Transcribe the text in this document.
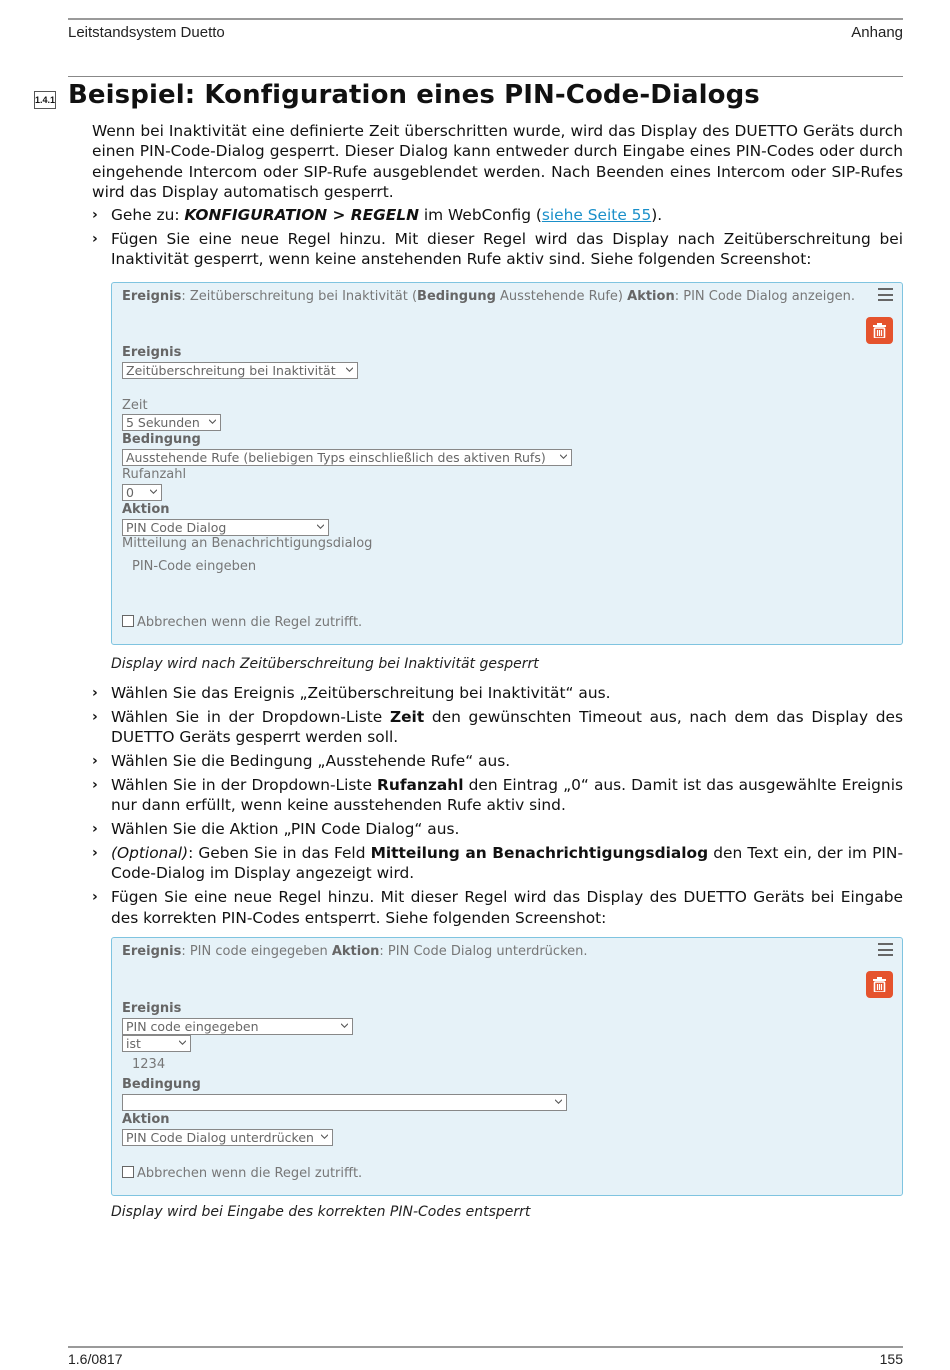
Leitstandsystem Duetto	Anhang
1.4.1 Beispiel: Konfiguration eines PIN-Code-Dialogs
Wenn bei Inaktivität eine definierte Zeit überschritten wurde, wird das Display des DUETTO Geräts durch einen PIN-Code-Dialog gesperrt. Dieser Dialog kann entweder durch Eingabe eines PIN-Codes oder durch eingehende Intercom oder SIP-Rufe ausgeblendet werden. Nach Beenden eines Intercom oder SIP-Rufes wird das Display automatisch gesperrt.
› Gehe zu: KONFIGURATION > REGELN im WebConfig (siehe Seite 55).
› Fügen Sie eine neue Regel hinzu. Mit dieser Regel wird das Display nach Zeitüberschreitung bei Inaktivität gesperrt, wenn keine anstehenden Rufe aktiv sind. Siehe folgenden Screenshot:
Ereignis: Zeitüberschreitung bei Inaktivität (Bedingung Ausstehende Rufe) Aktion: PIN Code Dialog anzeigen.
Ereignis
Zeitüberschreitung bei Inaktivität
Zeit
5 Sekunden
Bedingung
Ausstehende Rufe (beliebigen Typs einschließlich des aktiven Rufs)
Rufanzahl
0
Aktion
PIN Code Dialog
Mitteilung an Benachrichtigungsdialog
PIN-Code eingeben
Abbrechen wenn die Regel zutrifft.
Display wird nach Zeitüberschreitung bei Inaktivität gesperrt
› Wählen Sie das Ereignis „Zeitüberschreitung bei Inaktivität“ aus.
› Wählen Sie in der Dropdown-Liste Zeit den gewünschten Timeout aus, nach dem das Display des DUETTO Geräts gesperrt werden soll.
› Wählen Sie die Bedingung „Ausstehende Rufe“ aus.
› Wählen Sie in der Dropdown-Liste Rufanzahl den Eintrag „0“ aus. Damit ist das ausgewählte Ereignis nur dann erfüllt, wenn keine ausstehenden Rufe aktiv sind.
› Wählen Sie die Aktion „PIN Code Dialog“ aus.
› (Optional): Geben Sie in das Feld Mitteilung an Benachrichtigungsdialog den Text ein, der im PIN-Code-Dialog im Display angezeigt wird.
› Fügen Sie eine neue Regel hinzu. Mit dieser Regel wird das Display des DUETTO Geräts bei Eingabe des korrekten PIN-Codes entsperrt. Siehe folgenden Screenshot:
Ereignis: PIN code eingegeben Aktion: PIN Code Dialog unterdrücken.
Ereignis
PIN code eingegeben
ist
1234
Bedingung
Aktion
PIN Code Dialog unterdrücken
Abbrechen wenn die Regel zutrifft.
Display wird bei Eingabe des korrekten PIN-Codes entsperrt
1.6/0817	155
